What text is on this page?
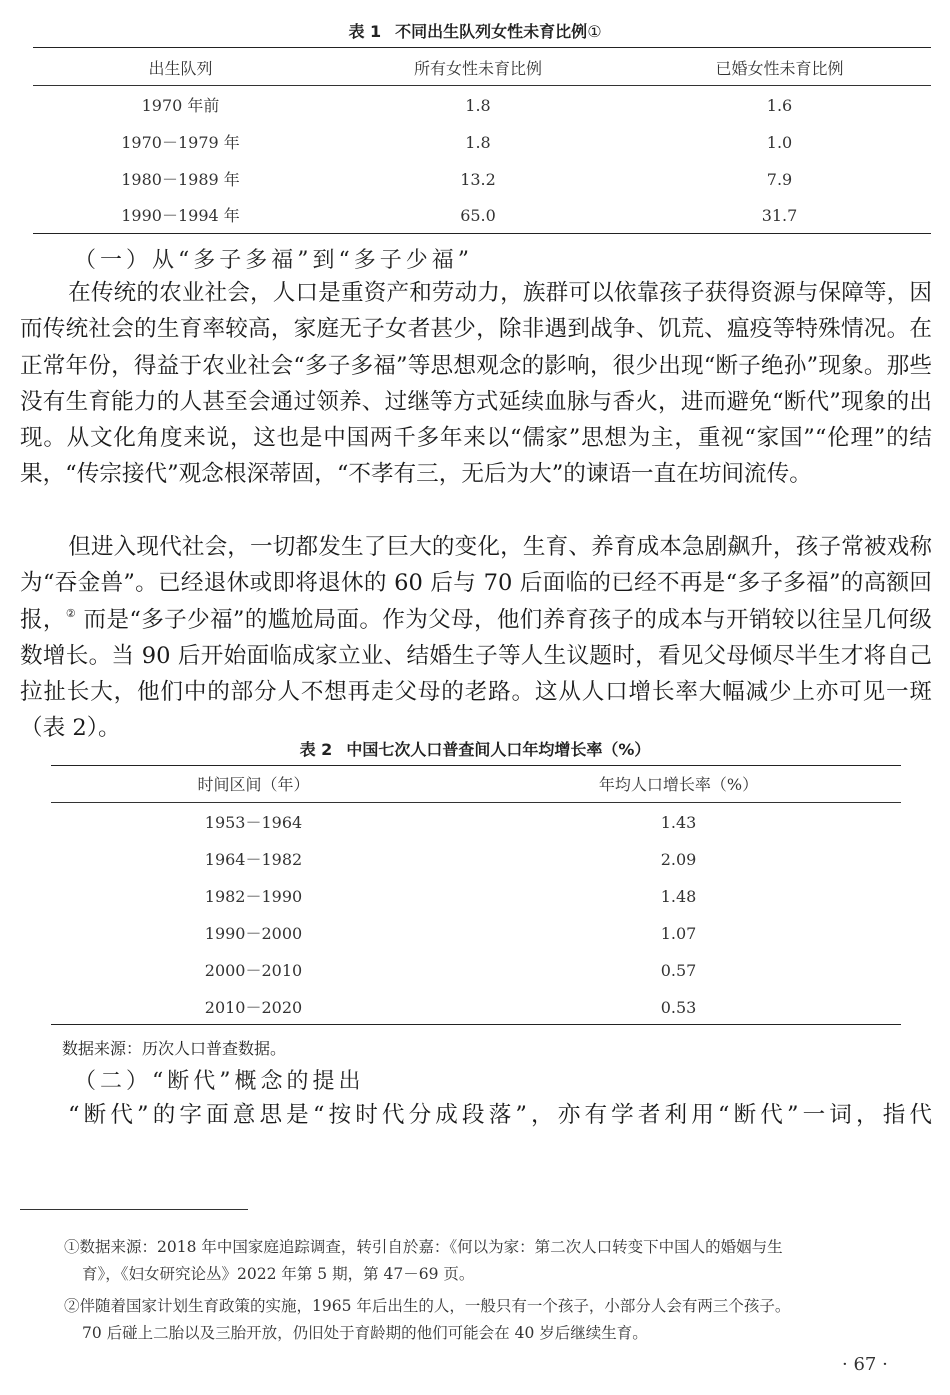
表 1 不同出生队列女性未育比例①
出生队列	所有女性未育比例	已婚女性未育比例
1970 年前	1.8	1.6
1970－1979 年	1.8	1.0
1980－1989 年	13.2	7.9
1990－1994 年	65.0	31.7
（一）从“多子多福”到“多子少福”
在传统的农业社会，人口是重资产和劳动力，族群可以依靠孩子获得资源与保障等，因而传统社会的生育率较高，家庭无子女者甚少，除非遇到战争、饥荒、瘟疫等特殊情况。在正常年份，得益于农业社会“多子多福”等思想观念的影响，很少出现“断子绝孙”现象。那些没有生育能力的人甚至会通过领养、过继等方式延续血脉与香火，进而避免“断代”现象的出现。从文化角度来说，这也是中国两千多年来以“儒家”思想为主，重视“家国”“伦理”的结果，“传宗接代”观念根深蒂固，“不孝有三，无后为大”的谏语一直在坊间流传。
但进入现代社会，一切都发生了巨大的变化，生育、养育成本急剧飙升，孩子常被戏称为“吞金兽”。已经退休或即将退休的 60 后与 70 后面临的已经不再是“多子多福”的高额回报，② 而是“多子少福”的尴尬局面。作为父母，他们养育孩子的成本与开销较以往呈几何级数增长。当 90 后开始面临成家立业、结婚生子等人生议题时，看见父母倾尽半生才将自己拉扯长大，他们中的部分人不想再走父母的老路。这从人口增长率大幅减少上亦可见一斑（表 2）。
表 2 中国七次人口普查间人口年均增长率（%）
时间区间（年）	年均人口增长率（%）
1953－1964	1.43
1964－1982	2.09
1982－1990	1.48
1990－2000	1.07
2000－2010	0.57
2010－2020	0.53
数据来源：历次人口普查数据。
（二）“断代”概念的提出
“断代”的字面意思是“按时代分成段落”，亦有学者利用“断代”一词，指代
①数据来源：2018 年中国家庭追踪调查，转引自於嘉：《何以为家：第二次人口转变下中国人的婚姻与生
育》，《妇女研究论丛》2022 年第 5 期，第 47－69 页。
②伴随着国家计划生育政策的实施，1965 年后出生的人，一般只有一个孩子，小部分人会有两三个孩子。
70 后碰上二胎以及三胎开放，仍旧处于育龄期的他们可能会在 40 岁后继续生育。
· 67 ·
